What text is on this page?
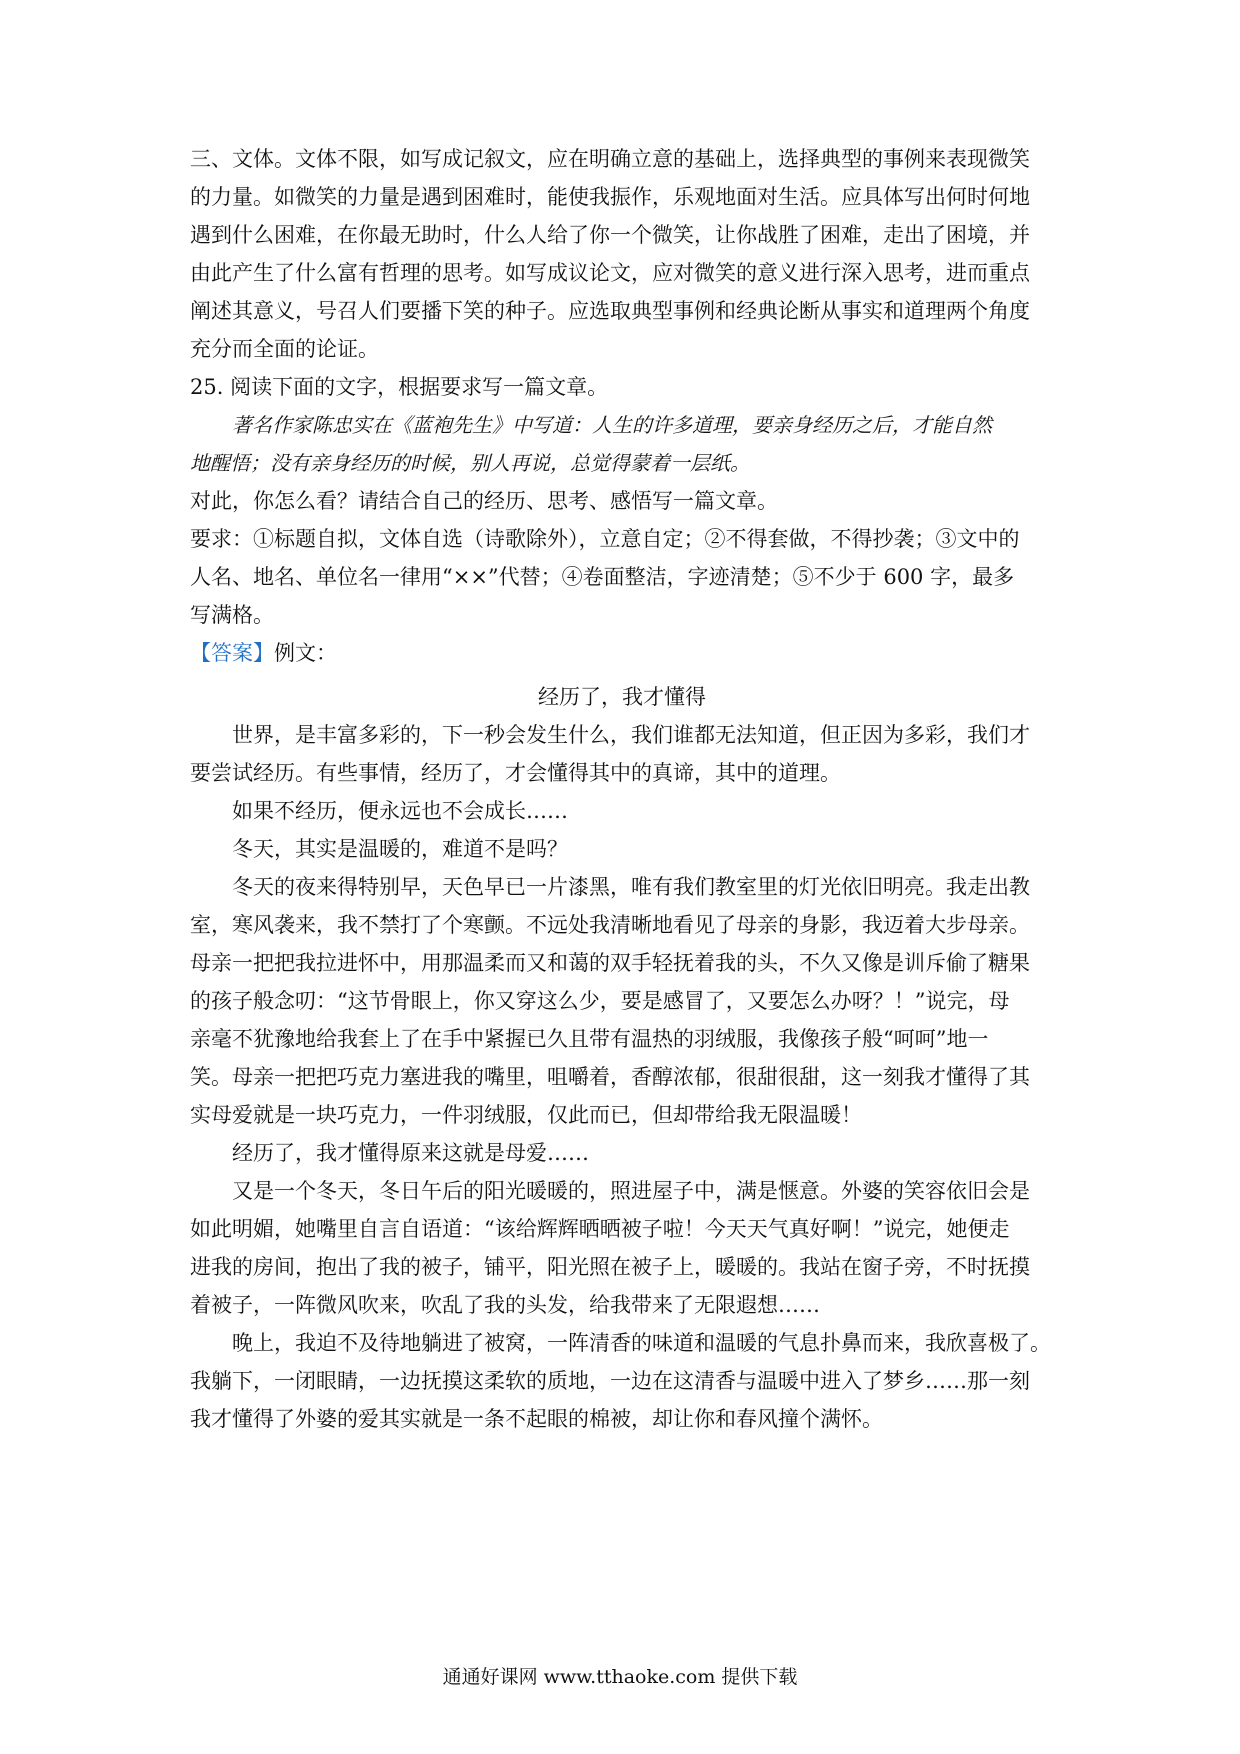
三、文体。文体不限，如写成记叙文，应在明确立意的基础上，选择典型的事例来表现微笑

的力量。如微笑的力量是遇到困难时，能使我振作，乐观地面对生活。应具体写出何时何地

遇到什么困难，在你最无助时，什么人给了你一个微笑，让你战胜了困难，走出了困境，并

由此产生了什么富有哲理的思考。如写成议论文，应对微笑的意义进行深入思考，进而重点

阐述其意义，号召人们要播下笑的种子。应选取典型事例和经典论断从事实和道理两个角度

充分而全面的论证。

25. 阅读下面的文字，根据要求写一篇文章。

著名作家陈忠实在《蓝袍先生》中写道：人生的许多道理，要亲身经历之后，才能自然

地醒悟；没有亲身经历的时候，别人再说，总觉得蒙着一层纸。

对此，你怎么看？请结合自己的经历、思考、感悟写一篇文章。

要求：①标题自拟，文体自选（诗歌除外），立意自定；②不得套做，不得抄袭；③文中的

人名、地名、单位名一律用“××”代替；④卷面整洁，字迹清楚；⑤不少于 600 字，最多

写满格。

【答案】例文：

经历了，我才懂得

世界，是丰富多彩的，下一秒会发生什么，我们谁都无法知道，但正因为多彩，我们才

要尝试经历。有些事情，经历了，才会懂得其中的真谛，其中的道理。

如果不经历，便永远也不会成长……

冬天，其实是温暖的，难道不是吗？

冬天的夜来得特别早，天色早已一片漆黑，唯有我们教室里的灯光依旧明亮。我走出教

室，寒风袭来，我不禁打了个寒颤。不远处我清晰地看见了母亲的身影，我迈着大步母亲。

母亲一把把我拉进怀中，用那温柔而又和蔼的双手轻抚着我的头，不久又像是训斥偷了糖果

的孩子般念叨：“这节骨眼上，你又穿这么少，要是感冒了，又要怎么办呀？！”说完，母

亲毫不犹豫地给我套上了在手中紧握已久且带有温热的羽绒服，我像孩子般“呵呵”地一

笑。母亲一把把巧克力塞进我的嘴里，咀嚼着，香醇浓郁，很甜很甜，这一刻我才懂得了其

实母爱就是一块巧克力，一件羽绒服，仅此而已，但却带给我无限温暖！

经历了，我才懂得原来这就是母爱……

又是一个冬天，冬日午后的阳光暖暖的，照进屋子中，满是惬意。外婆的笑容依旧会是

如此明媚，她嘴里自言自语道：“该给辉辉晒晒被子啦！今天天气真好啊！”说完，她便走

进我的房间，抱出了我的被子，铺平，阳光照在被子上，暖暖的。我站在窗子旁，不时抚摸

着被子，一阵微风吹来，吹乱了我的头发，给我带来了无限遐想……

晚上，我迫不及待地躺进了被窝，一阵清香的味道和温暖的气息扑鼻而来，我欣喜极了。

我躺下，一闭眼睛，一边抚摸这柔软的质地，一边在这清香与温暖中进入了梦乡……那一刻

我才懂得了外婆的爱其实就是一条不起眼的棉被，却让你和春风撞个满怀。

通通好课网 www.tthaoke.com 提供下载
